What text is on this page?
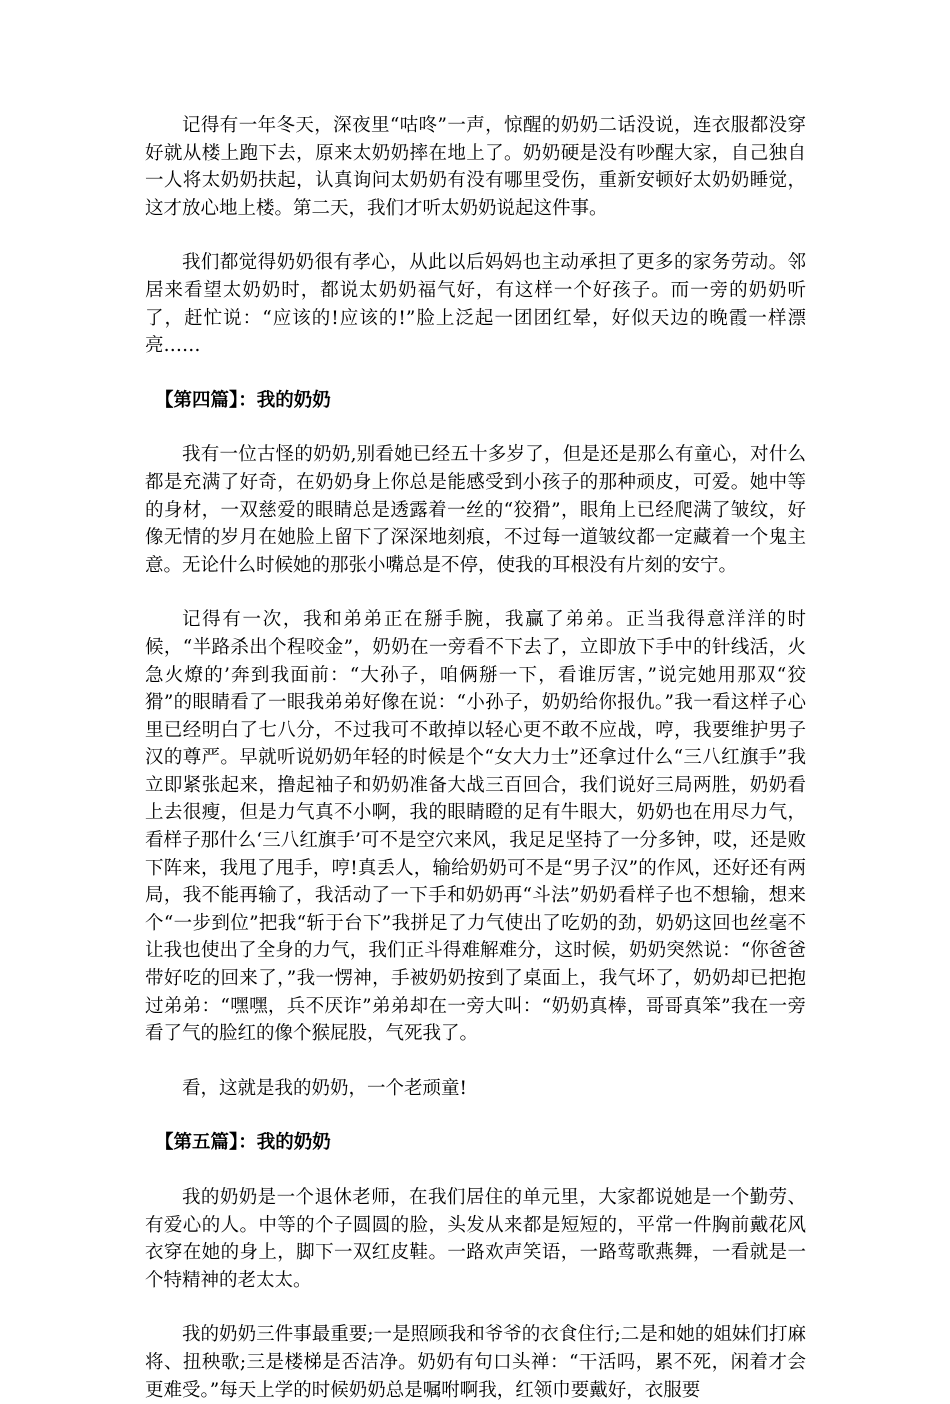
记得有一年冬天，深夜里“咕咚”一声，惊醒的奶奶二话没说，连衣服都没穿好就从楼上跑下去，原来太奶奶摔在地上了。奶奶硬是没有吵醒大家，自己独自一人将太奶奶扶起，认真询问太奶奶有没有哪里受伤，重新安顿好太奶奶睡觉，这才放心地上楼。第二天，我们才听太奶奶说起这件事。

我们都觉得奶奶很有孝心，从此以后妈妈也主动承担了更多的家务劳动。邻居来看望太奶奶时，都说太奶奶福气好，有这样一个好孩子。而一旁的奶奶听了，赶忙说：“应该的!应该的!”脸上泛起一团团红晕，好似天边的晚霞一样漂亮……

【第四篇】：我的奶奶

我有一位古怪的奶奶,别看她已经五十多岁了，但是还是那么有童心，对什么都是充满了好奇，在奶奶身上你总是能感受到小孩子的那种顽皮，可爱。她中等的身材，一双慈爱的眼睛总是透露着一丝的“狡猾”，眼角上已经爬满了皱纹，好像无情的岁月在她脸上留下了深深地刻痕，不过每一道皱纹都一定藏着一个鬼主意。无论什么时候她的那张小嘴总是不停，使我的耳根没有片刻的安宁。

记得有一次，我和弟弟正在掰手腕，我赢了弟弟。正当我得意洋洋的时候，“半路杀出个程咬金”，奶奶在一旁看不下去了，立即放下手中的针线活，火急火燎的’奔到我面前：“大孙子，咱俩掰一下，看谁厉害，”说完她用那双“狡猾”的眼睛看了一眼我弟弟好像在说：“小孙子，奶奶给你报仇。”我一看这样子心里已经明白了七八分，不过我可不敢掉以轻心更不敢不应战，哼，我要维护男子汉的尊严。早就听说奶奶年轻的时候是个“女大力士”还拿过什么“三八红旗手”我立即紧张起来，撸起袖子和奶奶准备大战三百回合，我们说好三局两胜，奶奶看上去很瘦，但是力气真不小啊，我的眼睛瞪的足有牛眼大，奶奶也在用尽力气，看样子那什么‘三八红旗手’可不是空穴来风，我足足坚持了一分多钟，哎，还是败下阵来，我甩了甩手，哼!真丢人，输给奶奶可不是“男子汉”的作风，还好还有两局，我不能再输了，我活动了一下手和奶奶再“斗法”奶奶看样子也不想输，想来个“一步到位”把我“斩于台下”我拼足了力气使出了吃奶的劲，奶奶这回也丝毫不让我也使出了全身的力气，我们正斗得难解难分，这时候，奶奶突然说：“你爸爸带好吃的回来了，”我一愣神，手被奶奶按到了桌面上，我气坏了，奶奶却已把抱过弟弟：“嘿嘿，兵不厌诈”弟弟却在一旁大叫：“奶奶真棒，哥哥真笨”我在一旁看了气的脸红的像个猴屁股，气死我了。

看，这就是我的奶奶，一个老顽童!

【第五篇】：我的奶奶

我的奶奶是一个退休老师，在我们居住的单元里，大家都说她是一个勤劳、有爱心的人。中等的个子圆圆的脸，头发从来都是短短的，平常一件胸前戴花风衣穿在她的身上，脚下一双红皮鞋。一路欢声笑语，一路莺歌燕舞，一看就是一个特精神的老太太。

我的奶奶三件事最重要;一是照顾我和爷爷的衣食住行;二是和她的姐妹们打麻将、扭秧歌;三是楼梯是否洁净。奶奶有句口头禅：“干活吗，累不死，闲着才会更难受。”每天上学的时候奶奶总是嘱咐啊我，红领巾要戴好，衣服要
